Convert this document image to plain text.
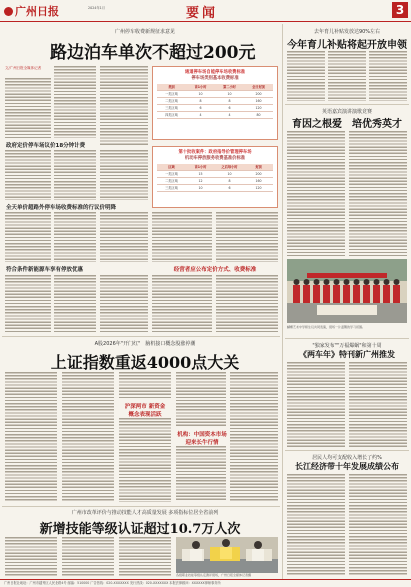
广州日报	2024年1月	要闻	3
广州停车收费新规征求意见
路边泊车单次不超过200元
文/广州日报全媒体记者
政府定价停车场议价18分钟计费
通道停车场自能停车场收费标准
停车场类别基本收费标准
类别	首1小时	第二小时	全日封顶
一类区域	10	10	200
二类区域	8	8	160
三类区域	6	6	120
四类区域	4	4	80
第十批收案件：政府指导价管理停车场
机动车停放服务收费基准价标准
区域	首1小时	之后每小时	封顶
一类区域	15	10	200
二类区域	12	8	160
三类区域	10	6	120
全天单价超路外停车场收费标准的行议价明降
符合条件新能源车享有停放优惠	经营者应公布定价方式、收费标准
A股2026年"开门红"　脑机接口概念股涨停潮
上证指数重返4000点大关
沪深两市 新资金
概念表现活跃
机构：中国资本市场
迎来长牛行情
广州市改革评价与推动技能人才高质量发展 多项指标位居全省前列
新增技能等级认证超过10.7万人次
各级职业技能等级认定测评现场，广州日报全媒体记者摄
去年育儿补贴发放达90%左右
今年育儿补贴将起开放申领
英语嘉宾演讲演歌竞赛
育因之根爱　培优秀英才
蝴蝶艺术中学师生们共同表演，现场一片温馨的学习氛围。
"独家发布""万福爆蜗"和第十周
《两车年》特刊新广州推发
居民人均可支配收入增长了约%
长江经济带十年发展成绩公布
广州日报社地址：广州市越秀区人民北路4号 邮编：510000 广告热线：020-XXXXXXX 发行热线：020-XXXXXXX 本报法律顾问：XXXXXX律师事务所
